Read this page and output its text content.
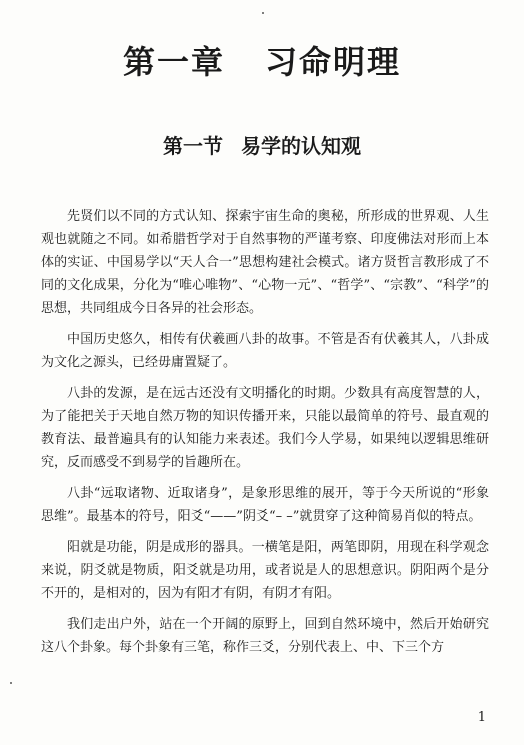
第一章 习命明理
第一节 易学的认知观

先贤们以不同的方式认知、探索宇宙生命的奥秘，所形成的世界观、人生观也就随之不同。如希腊哲学对于自然事物的严谨考察、印度佛法对形而上本体的实证、中国易学以“天人合一”思想构建社会模式。诸方贤哲言教形成了不同的文化成果，分化为“唯心唯物”、“心物一元”、“哲学”、“宗教”、“科学”的思想，共同组成今日各异的社会形态。

中国历史悠久，相传有伏羲画八卦的故事。不管是否有伏羲其人，八卦成为文化之源头，已经毋庸置疑了。

八卦的发源，是在远古还没有文明播化的时期。少数具有高度智慧的人，为了能把关于天地自然万物的知识传播开来，只能以最简单的符号、最直观的教育法、最普遍具有的认知能力来表述。我们今人学易，如果纯以逻辑思维研究，反而感受不到易学的旨趣所在。

八卦“远取诸物、近取诸身”，是象形思维的展开，等于今天所说的“形象思维”。最基本的符号，阳爻“——”阴爻“– –”就贯穿了这种简易肖似的特点。

阳就是功能，阴是成形的器具。一横笔是阳，两笔即阴，用现在科学观念来说，阴爻就是物质，阳爻就是功用，或者说是人的思想意识。阴阳两个是分不开的，是相对的，因为有阳才有阴，有阴才有阳。

我们走出户外，站在一个开阔的原野上，回到自然环境中，然后开始研究这八个卦象。每个卦象有三笔，称作三爻，分别代表上、中、下三个方

1
